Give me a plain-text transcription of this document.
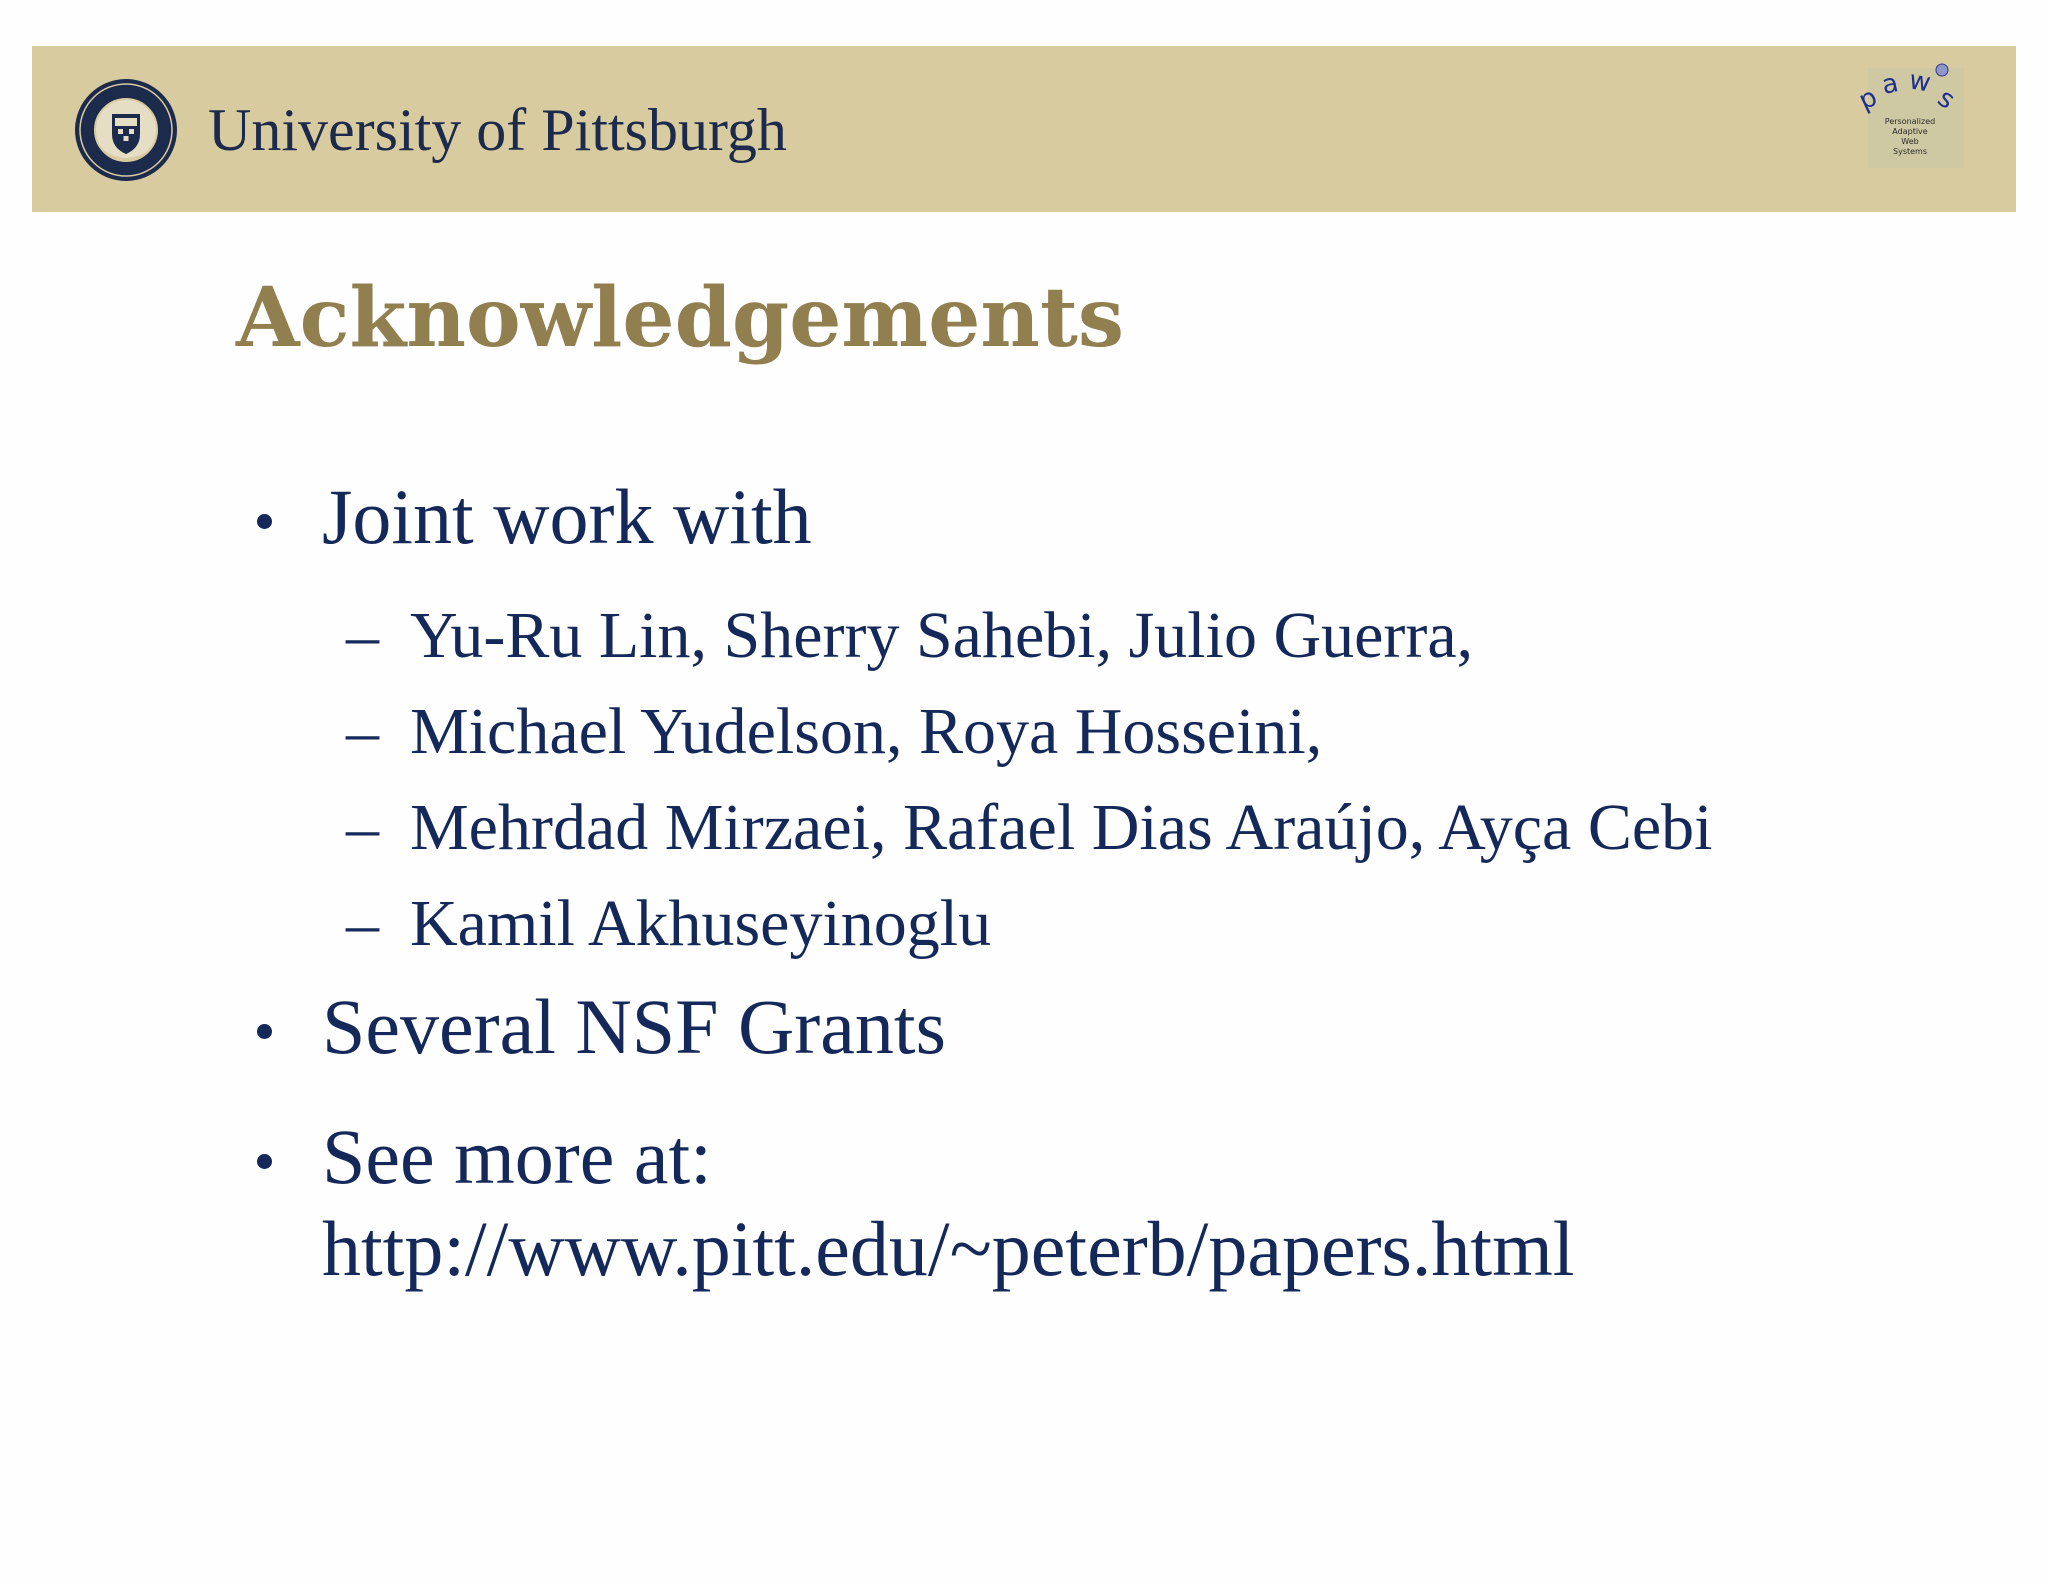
University of Pittsburgh	p
a w
s
Personalized
Adaptive
Web
Systems
Acknowledgements
Joint work with
– Yu-Ru Lin, Sherry Sahebi, Julio Guerra,
– Michael Yudelson, Roya Hosseini,
– Mehrdad Mirzaei, Rafael Dias Araújo, Ayça Cebi
– Kamil Akhuseyinoglu
Several NSF Grants
See more at:
http://www.pitt.edu/~peterb/papers.html
